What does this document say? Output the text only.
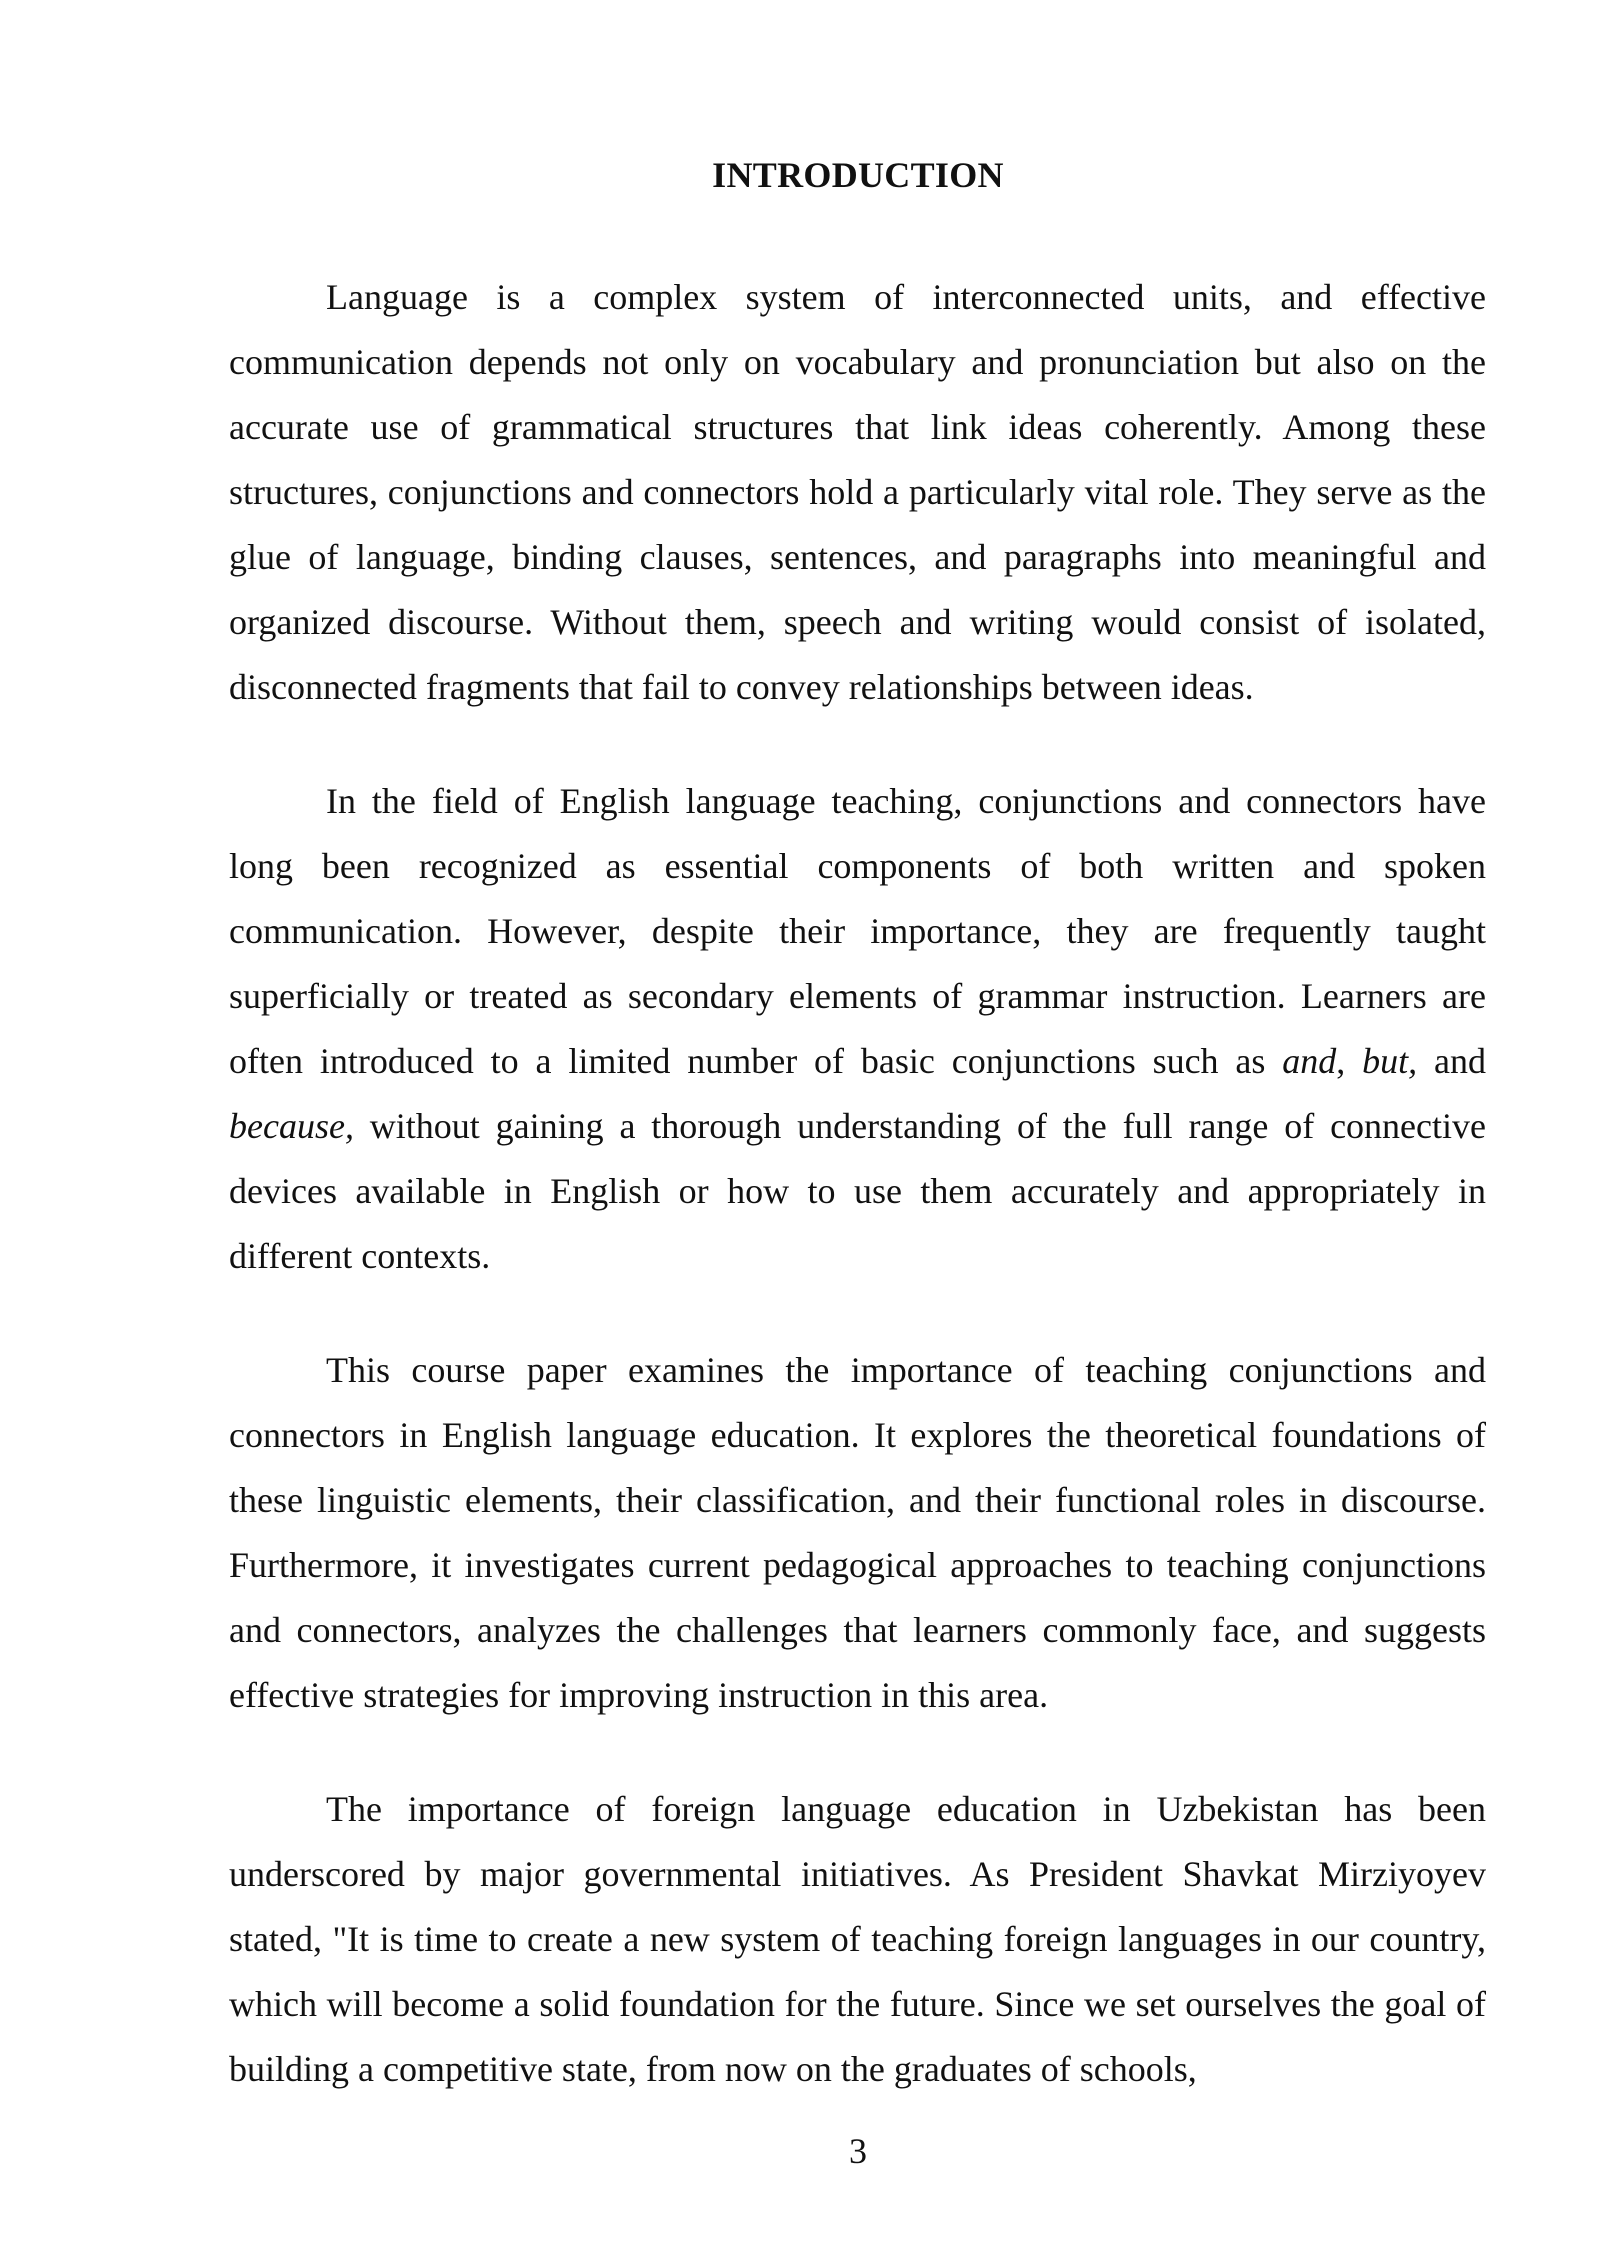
INTRODUCTION

Language is a complex system of interconnected units, and effective communication depends not only on vocabulary and pronunciation but also on the accurate use of grammatical structures that link ideas coherently. Among these structures, conjunctions and connectors hold a particularly vital role. They serve as the glue of language, binding clauses, sentences, and paragraphs into meaningful and organized discourse. Without them, speech and writing would consist of isolated, disconnected fragments that fail to convey relationships between ideas.

In the field of English language teaching, conjunctions and connectors have long been recognized as essential components of both written and spoken communication. However, despite their importance, they are frequently taught superficially or treated as secondary elements of grammar instruction. Learners are often introduced to a limited number of basic conjunctions such as and, but, and because, without gaining a thorough understanding of the full range of connective devices available in English or how to use them accurately and appropriately in different contexts.

This course paper examines the importance of teaching conjunctions and connectors in English language education. It explores the theoretical foundations of these linguistic elements, their classification, and their functional roles in discourse. Furthermore, it investigates current pedagogical approaches to teaching conjunctions and connectors, analyzes the challenges that learners commonly face, and suggests effective strategies for improving instruction in this area.

The importance of foreign language education in Uzbekistan has been underscored by major governmental initiatives. As President Shavkat Mirziyoyev stated, "It is time to create a new system of teaching foreign languages in our country, which will become a solid foundation for the future. Since we set ourselves the goal of building a competitive state, from now on the graduates of schools,

3
